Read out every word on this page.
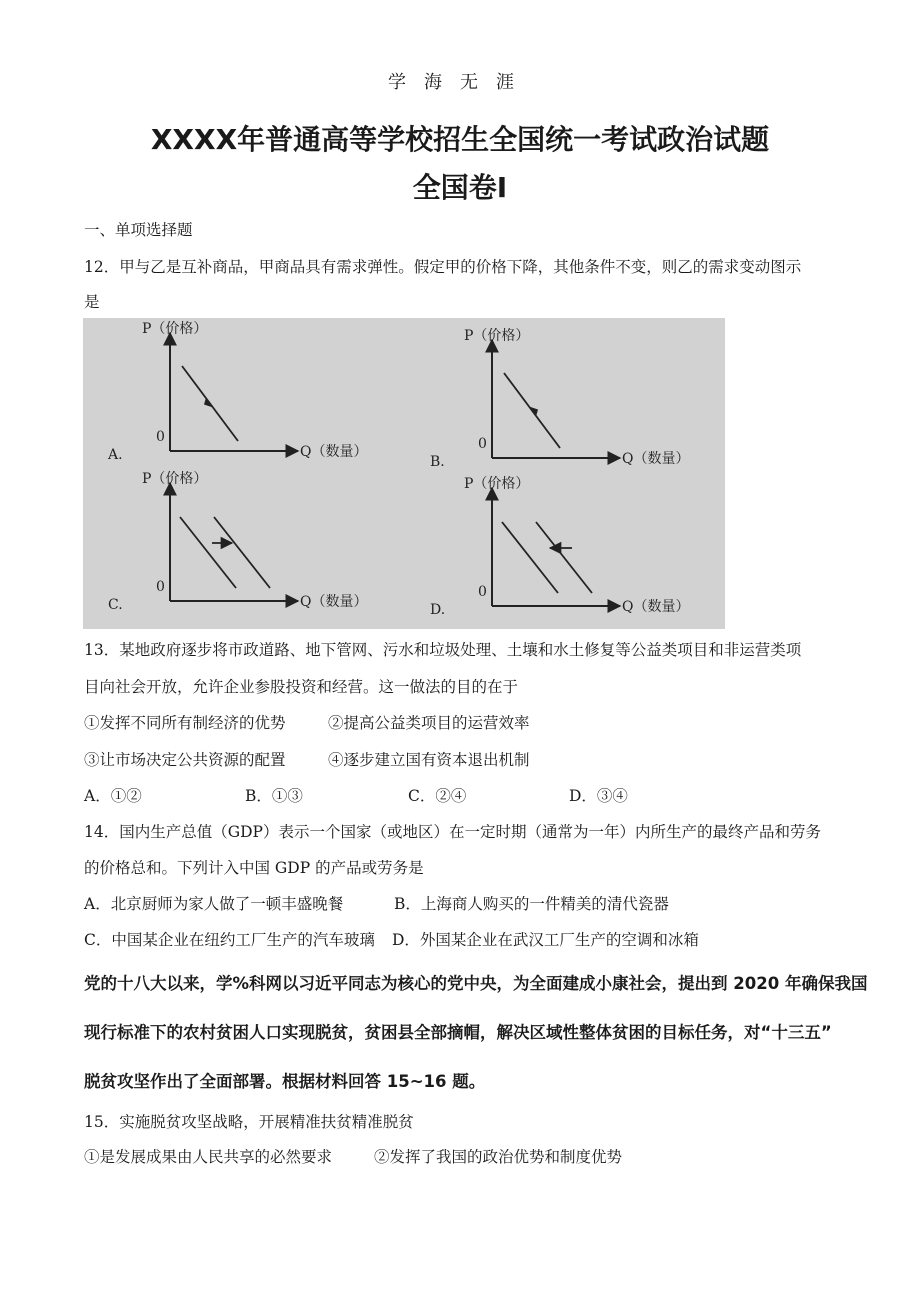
学海无涯
XXXX年普通高等学校招生全国统一考试政治试题
全国卷Ⅰ
一、单项选择题
12．甲与乙是互补商品，甲商品具有需求弹性。假定甲的价格下降，其他条件不变，则乙的需求变动图示
是
P（价格）
Q（数量）
0
A.
P（价格）
Q（数量）
0
B.
P（价格）
Q（数量）
0
C.
P（价格）
Q（数量）
0
D.
13．某地政府逐步将市政道路、地下管网、污水和垃圾处理、土壤和水土修复等公益类项目和非运营类项
目向社会开放，允许企业参股投资和经营。这一做法的目的在于
①发挥不同所有制经济的优势	②提高公益类项目的运营效率
③让市场决定公共资源的配置	④逐步建立国有资本退出机制
A．①②	B．①③	C．②④	D．③④
14．国内生产总值（GDP）表示一个国家（或地区）在一定时期（通常为一年）内所生产的最终产品和劳务
的价格总和。下列计入中国 GDP 的产品或劳务是
A．北京厨师为家人做了一顿丰盛晚餐	B．上海商人购买的一件精美的清代瓷器
C．中国某企业在纽约工厂生产的汽车玻璃 D．外国某企业在武汉工厂生产的空调和冰箱
党的十八大以来，学%科网以习近平同志为核心的党中央，为全面建成小康社会，提出到 2020 年确保我国
现行标准下的农村贫困人口实现脱贫，贫困县全部摘帽，解决区域性整体贫困的目标任务，对“十三五”
脱贫攻坚作出了全面部署。根据材料回答 15~16 题。
15．实施脱贫攻坚战略，开展精准扶贫精准脱贫
①是发展成果由人民共享的必然要求	②发挥了我国的政治优势和制度优势
